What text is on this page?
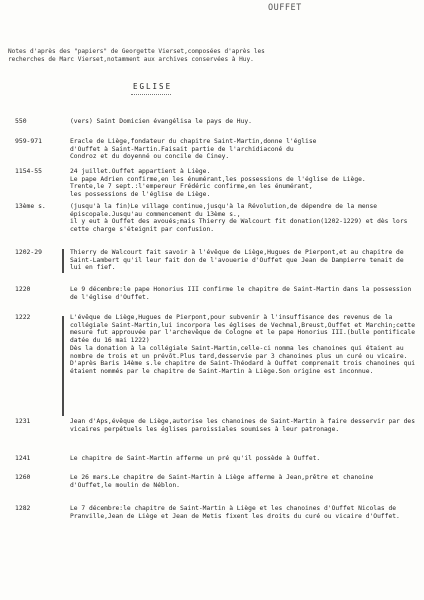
OUFFET
Notes d'après des "papiers" de Georgette Vierset,composées d'après les
recherches de Marc Vierset,notamment aux archives conservées à Huy.
EGLISE
550	(vers) Saint Domicien évangélisa le pays de Huy.
959-971	Eracle de Liège,fondateur du chapitre Saint-Martin,donne l'église
d'Ouffet à Saint-Martin.Faisait partie de l'archidiaconé du
Condroz et du doyenné ou concile de Ciney.
1154-55	24 juillet.Ouffet appartient à Liège.
Le pape Adrien confirme,en les énumérant,les possessions de l'église de Liège.
Trente,le 7 sept.:l'empereur Frédéric confirme,en les énumérant,
les possessions de l'église de Liège.
13ème s.	(jusqu'à la fin)Le village continue,jusqu'à la Révolution,de dépendre de la mense épiscopale.Jusqu'au commencement du 13ème s.,
il y eut à Ouffet des avoués;mais Thierry de Walcourt fit donation(1202-1229) et dès lors cette charge s'éteignit par confusion.
1202-29	Thierry de Walcourt fait savoir à l'évêque de Liège,Hugues de Pierpont,et au chapitre de Saint-Lambert qu'il leur fait don de l'avouerie d'Ouffet que Jean de Dampierre tenait de lui en fief.
1220	Le 9 décembre:le pape Honorius III confirme le chapitre de Saint-Martin dans la possession de l'église d'Ouffet.
1222	L'évêque de Liège,Hugues de Pierpont,pour subvenir à l'insuffisance des revenus de la collégiale Saint-Martin,lui incorpora les églises de Vechmal,Breust,Ouffet et Marchin;cette mesure fut approuvée par l'archevêque de Cologne et le pape Honorius III.(bulle pontificale datée du 16 mai 1222)
Dès la donation à la collégiale Saint-Martin,celle-ci nomma les chanoines qui étaient au nombre de trois et un prévôt.Plus tard,desservie par 3 chanoines plus un curé ou vicaire.
D'après Baris 14ème s.le chapitre de Saint-Théodard à Ouffet comprenait trois chanoines qui étaient nommés par le chapitre de Saint-Martin à Liège.Son origine est inconnue.
1231	Jean d'Aps,évêque de Liège,autorise les chanoines de Saint-Martin à faire desservir par des vicaires perpétuels les églises paroissiales soumises à leur patronage.
1241	Le chapitre de Saint-Martin afferme un pré qu'il possède à Ouffet.
1260	Le 26 mars.Le chapitre de Saint-Martin à Liège afferme à Jean,prêtre et chanoine d'Ouffet,le moulin de Néblon.
1282	Le 7 décembre:le chapitre de Saint-Martin à Liège et les chanoines d'Ouffet Nicolas de Pranville,Jean de Liège et Jean de Metis fixent les droits du curé ou vicaire d'Ouffet.
